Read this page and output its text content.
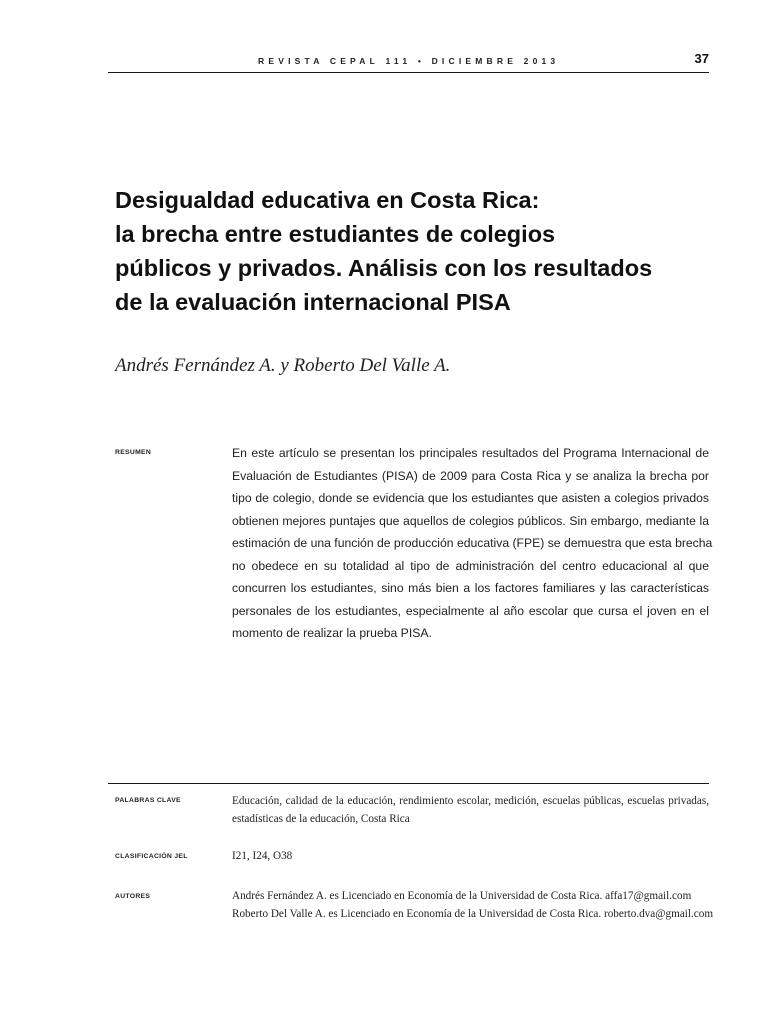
REVISTA CEPAL 111 • DICIEMBRE 2013	37
Desigualdad educativa en Costa Rica:
la brecha entre estudiantes de colegios
públicos y privados. Análisis con los resultados
de la evaluación internacional PISA
Andrés Fernández A. y Roberto Del Valle A.
RESUMEN	En este artículo se presentan los principales resultados del Programa Internacional de
Evaluación de Estudiantes (PISA) de 2009 para Costa Rica y se analiza la brecha por
tipo de colegio, donde se evidencia que los estudiantes que asisten a colegios privados
obtienen mejores puntajes que aquellos de colegios públicos. Sin embargo, mediante la
estimación de una función de producción educativa (FPE) se demuestra que esta brecha
no obedece en su totalidad al tipo de administración del centro educacional al que
concurren los estudiantes, sino más bien a los factores familiares y las características
personales de los estudiantes, especialmente al año escolar que cursa el joven en el
momento de realizar la prueba PISA.
PALABRAS CLAVE	Educación, calidad de la educación, rendimiento escolar, medición, escuelas públicas, escuelas privadas,
estadísticas de la educación, Costa Rica
CLASIFICACIÓN JEL	I21, I24, O38
AUTORES	Andrés Fernández A. es Licenciado en Economía de la Universidad de Costa Rica. affa17@gmail.com
Roberto Del Valle A. es Licenciado en Economía de la Universidad de Costa Rica. roberto.dva@gmail.com
